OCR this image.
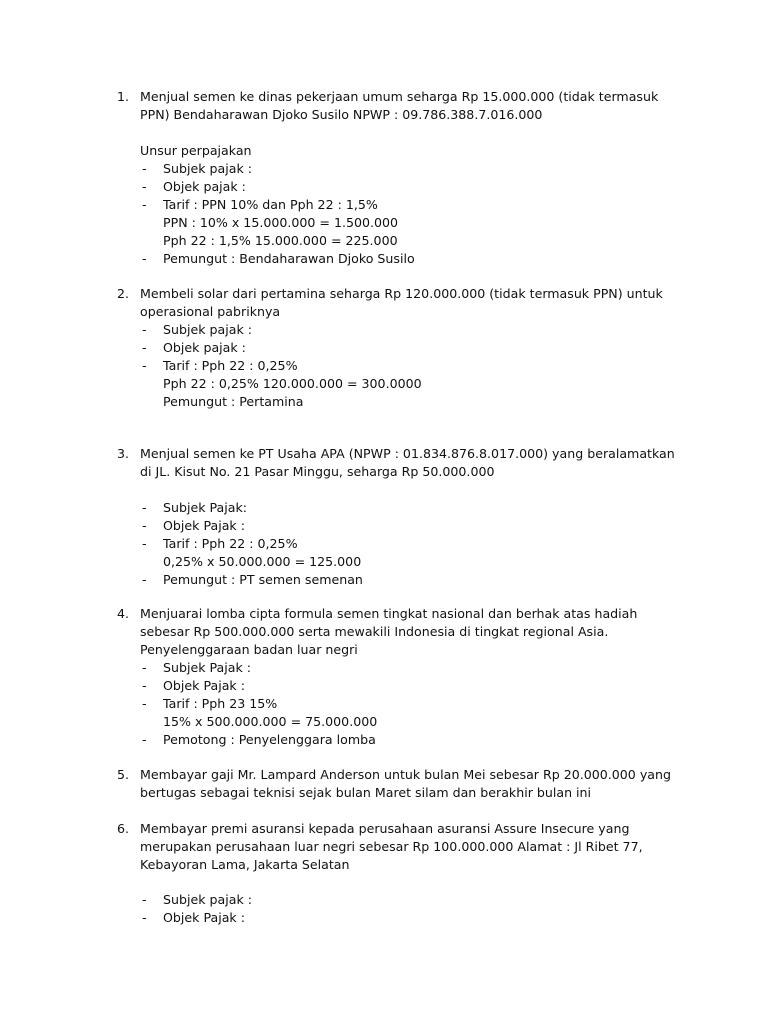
1. Menjual semen ke dinas pekerjaan umum seharga Rp 15.000.000 (tidak termasuk
PPN) Bendaharawan Djoko Susilo NPWP : 09.786.388.7.016.000
Unsur perpajakan
- Subjek pajak :
- Objek pajak :
- Tarif : PPN 10% dan Pph 22 : 1,5%
PPN : 10% x 15.000.000 = 1.500.000
Pph 22 : 1,5% 15.000.000 = 225.000
- Pemungut : Bendaharawan Djoko Susilo
2. Membeli solar dari pertamina seharga Rp 120.000.000 (tidak termasuk PPN) untuk
operasional pabriknya
- Subjek pajak :
- Objek pajak :
- Tarif : Pph 22 : 0,25%
Pph 22 : 0,25% 120.000.000 = 300.0000
Pemungut : Pertamina
3. Menjual semen ke PT Usaha APA (NPWP : 01.834.876.8.017.000) yang beralamatkan
di JL. Kisut No. 21 Pasar Minggu, seharga Rp 50.000.000
- Subjek Pajak:
- Objek Pajak :
- Tarif : Pph 22 : 0,25%
0,25% x 50.000.000 = 125.000
- Pemungut : PT semen semenan
4. Menjuarai lomba cipta formula semen tingkat nasional dan berhak atas hadiah
sebesar Rp 500.000.000 serta mewakili Indonesia di tingkat regional Asia.
Penyelenggaraan badan luar negri
- Subjek Pajak :
- Objek Pajak :
- Tarif : Pph 23 15%
15% x 500.000.000 = 75.000.000
- Pemotong : Penyelenggara lomba
5. Membayar gaji Mr. Lampard Anderson untuk bulan Mei sebesar Rp 20.000.000 yang
bertugas sebagai teknisi sejak bulan Maret silam dan berakhir bulan ini
6. Membayar premi asuransi kepada perusahaan asuransi Assure Insecure yang
merupakan perusahaan luar negri sebesar Rp 100.000.000 Alamat : Jl Ribet 77,
Kebayoran Lama, Jakarta Selatan
- Subjek pajak :
- Objek Pajak :
